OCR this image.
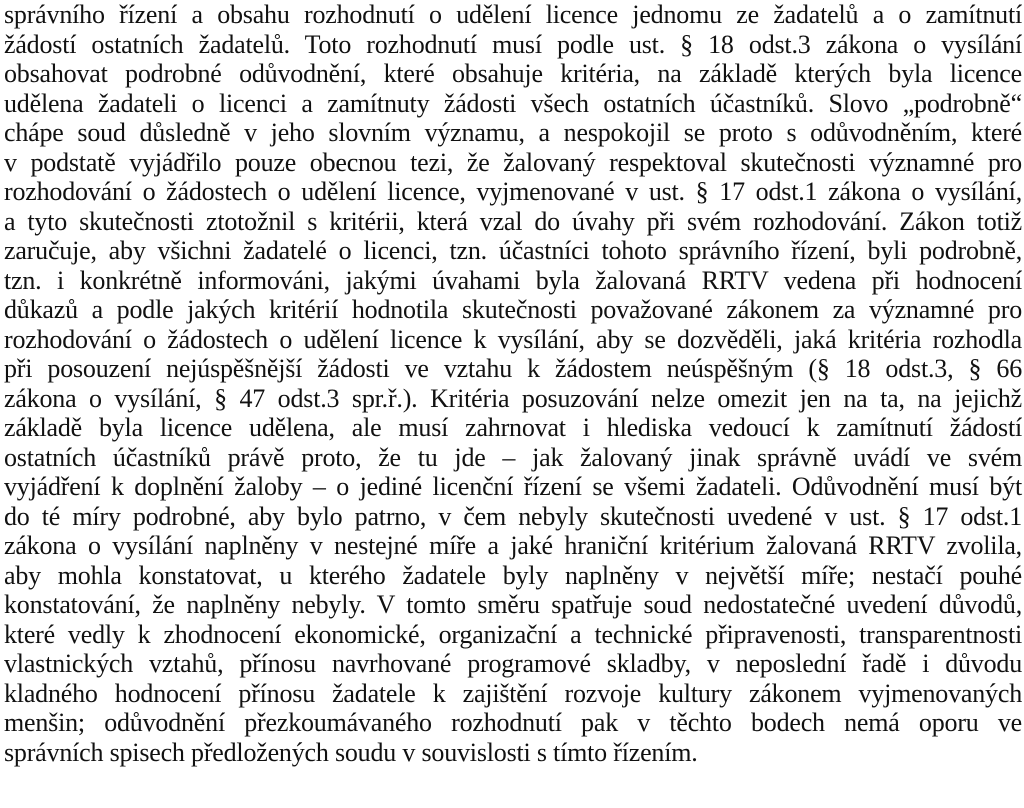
správního řízení a obsahu rozhodnutí o udělení licence jednomu ze žadatelů a o zamítnutí
žádostí ostatních žadatelů. Toto rozhodnutí musí podle ust. § 18 odst.3 zákona o vysílání
obsahovat podrobné odůvodnění, které obsahuje kritéria, na základě kterých byla licence
udělena žadateli o licenci a zamítnuty žádosti všech ostatních účastníků. Slovo „podrobně“
chápe soud důsledně v jeho slovním významu, a nespokojil se proto s odůvodněním, které
v podstatě vyjádřilo pouze obecnou tezi, že žalovaný respektoval skutečnosti významné pro
rozhodování o žádostech o udělení licence, vyjmenované v ust. § 17 odst.1 zákona o vysílání,
a tyto skutečnosti ztotožnil s kritérii, která vzal do úvahy při svém rozhodování. Zákon totiž
zaručuje, aby všichni žadatelé o licenci, tzn. účastníci tohoto správního řízení, byli podrobně,
tzn. i konkrétně informováni, jakými úvahami byla žalovaná RRTV vedena při hodnocení
důkazů a podle jakých kritérií hodnotila skutečnosti považované zákonem za významné pro
rozhodování o žádostech o udělení licence k vysílání, aby se dozvěděli, jaká kritéria rozhodla
při posouzení nejúspěšnější žádosti ve vztahu k žádostem neúspěšným (§ 18 odst.3, § 66
zákona o vysílání, § 47 odst.3 spr.ř.). Kritéria posuzování nelze omezit jen na ta, na jejichž
základě byla licence udělena, ale musí zahrnovat i hlediska vedoucí k zamítnutí žádostí
ostatních účastníků právě proto, že tu jde – jak žalovaný jinak správně uvádí ve svém
vyjádření k doplnění žaloby – o jediné licenční řízení se všemi žadateli. Odůvodnění musí být
do té míry podrobné, aby bylo patrno, v čem nebyly skutečnosti uvedené v ust. § 17 odst.1
zákona o vysílání naplněny v nestejné míře a jaké hraniční kritérium žalovaná RRTV zvolila,
aby mohla konstatovat, u kterého žadatele byly naplněny v největší míře; nestačí pouhé
konstatování, že naplněny nebyly. V tomto směru spatřuje soud nedostatečné uvedení důvodů,
které vedly k zhodnocení ekonomické, organizační a technické připravenosti, transparentnosti
vlastnických vztahů, přínosu navrhované programové skladby, v neposlední řadě i důvodu
kladného hodnocení přínosu žadatele k zajištění rozvoje kultury zákonem vyjmenovaných
menšin; odůvodnění přezkoumávaného rozhodnutí pak v těchto bodech nemá oporu ve
správních spisech předložených soudu v souvislosti s tímto řízením.
